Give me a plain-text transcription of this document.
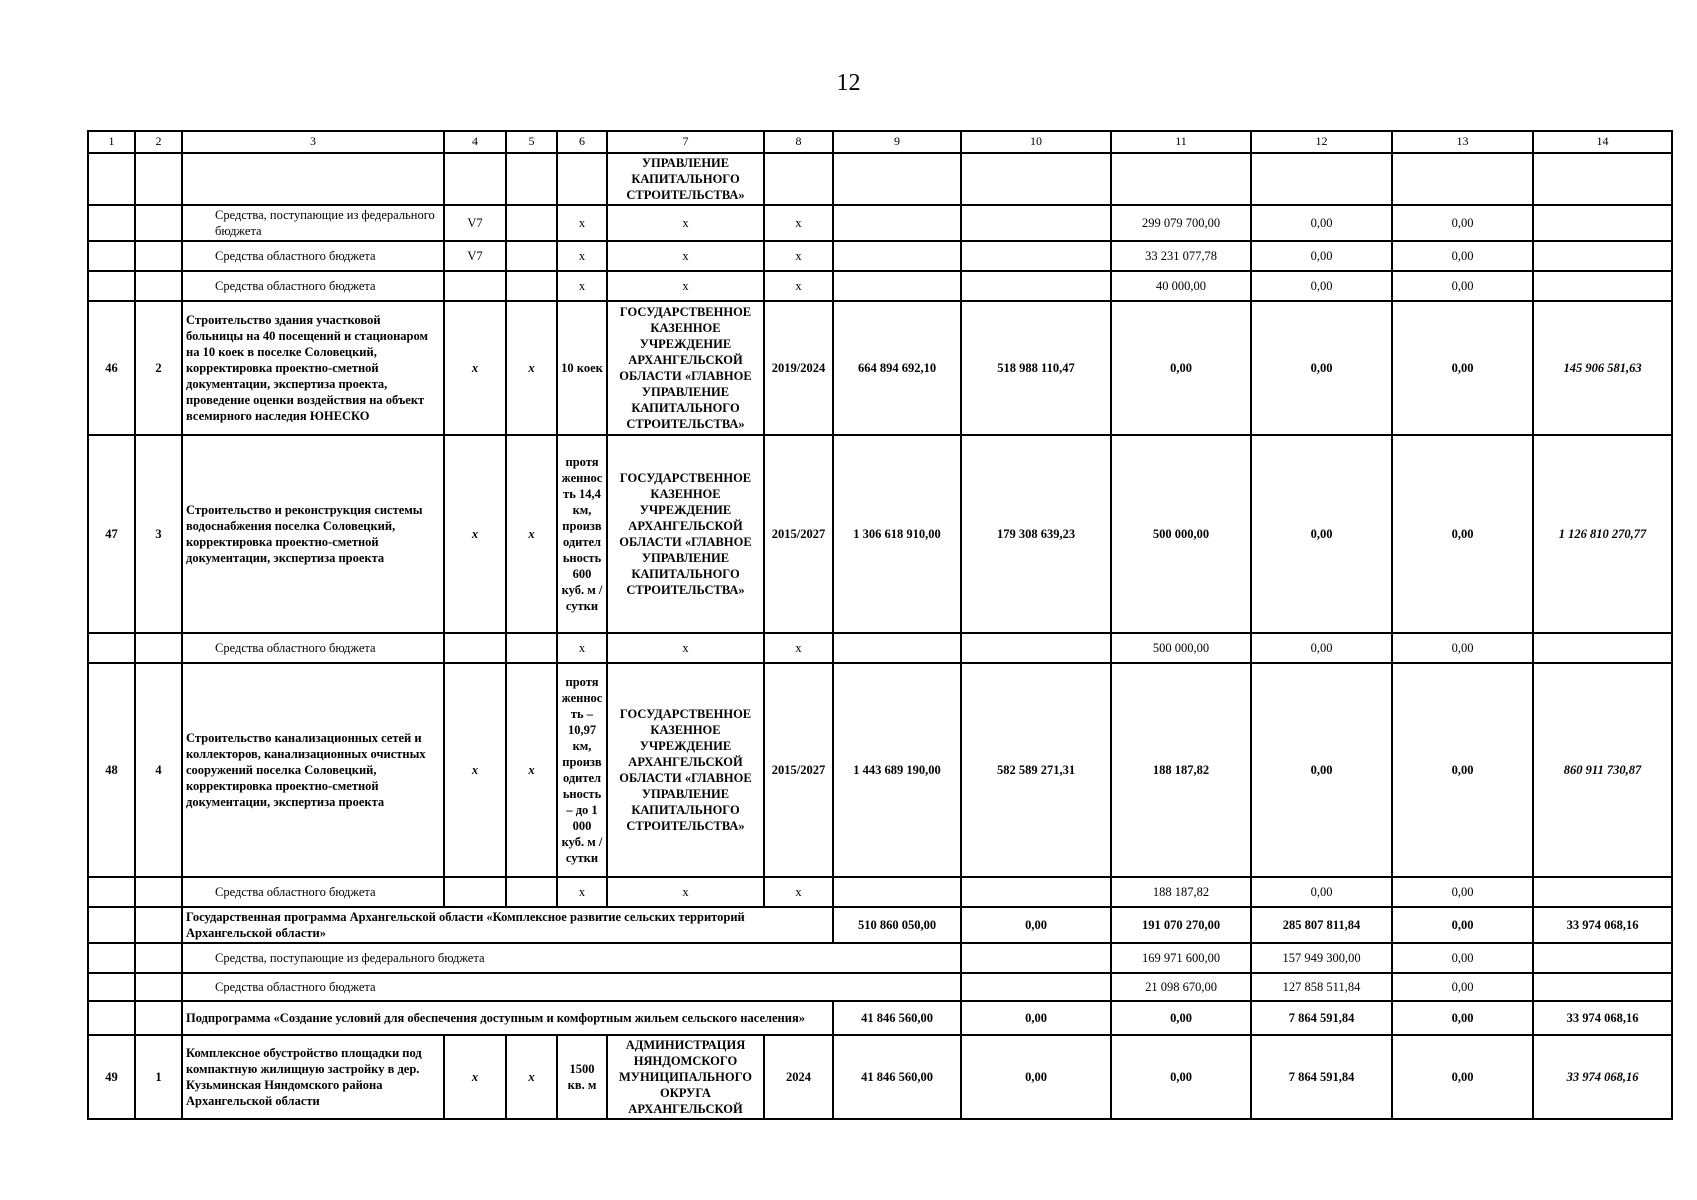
12
1	2	3	4	5	6	7	8	9	10	11	12	13	14
						УПРАВЛЕНИЕ КАПИТАЛЬНОГО СТРОИТЕЛЬСТВА»							
		Средства, поступающие из федерального бюджета	V7		x	x	x			299 079 700,00	0,00	0,00	
		Средства областного бюджета	V7		x	x	x			33 231 077,78	0,00	0,00	
		Средства областного бюджета			x	x	x			40 000,00	0,00	0,00	
46	2	Строительство здания участковой больницы на 40 посещений и стационаром на 10 коек в поселке Соловецкий, корректировка проектно-сметной документации, экспертиза проекта, проведение оценки воздействия на объект всемирного наследия ЮНЕСКО	x	x	10 коек	ГОСУДАРСТВЕННОЕ КАЗЕННОЕ УЧРЕЖДЕНИЕ АРХАНГЕЛЬСКОЙ ОБЛАСТИ «ГЛАВНОЕ УПРАВЛЕНИЕ КАПИТАЛЬНОГО СТРОИТЕЛЬСТВА»	2019/2024	664 894 692,10	518 988 110,47	0,00	0,00	0,00	145 906 581,63
47	3	Строительство и реконструкция системы водоснабжения поселка Соловецкий, корректировка проектно-сметной документации, экспертиза проекта	x	x	протяженность 14,4 км, производительность 600 куб. м / сутки	ГОСУДАРСТВЕННОЕ КАЗЕННОЕ УЧРЕЖДЕНИЕ АРХАНГЕЛЬСКОЙ ОБЛАСТИ «ГЛАВНОЕ УПРАВЛЕНИЕ КАПИТАЛЬНОГО СТРОИТЕЛЬСТВА»	2015/2027	1 306 618 910,00	179 308 639,23	500 000,00	0,00	0,00	1 126 810 270,77
		Средства областного бюджета			x	x	x			500 000,00	0,00	0,00	
48	4	Строительство канализационных сетей и коллекторов, канализационных очистных сооружений поселка Соловецкий, корректировка проектно-сметной документации, экспертиза проекта	x	x	протяженность – 10,97 км, производительность – до 1 000 куб. м / сутки	ГОСУДАРСТВЕННОЕ КАЗЕННОЕ УЧРЕЖДЕНИЕ АРХАНГЕЛЬСКОЙ ОБЛАСТИ «ГЛАВНОЕ УПРАВЛЕНИЕ КАПИТАЛЬНОГО СТРОИТЕЛЬСТВА»	2015/2027	1 443 689 190,00	582 589 271,31	188 187,82	0,00	0,00	860 911 730,87
		Средства областного бюджета			x	x	x			188 187,82	0,00	0,00	
		Государственная программа Архангельской области «Комплексное развитие сельских территорий Архангельской области»						510 860 050,00	0,00	191 070 270,00	285 807 811,84	0,00	33 974 068,16
		Средства, поступающие из федерального бюджета								169 971 600,00	157 949 300,00	0,00	
		Средства областного бюджета								21 098 670,00	127 858 511,84	0,00	
		Подпрограмма «Создание условий для обеспечения доступным и комфортным жильем сельского населения»						41 846 560,00	0,00	0,00	7 864 591,84	0,00	33 974 068,16
49	1	Комплексное обустройство площадки под компактную жилищную застройку в дер. Кузьминская Няндомского района Архангельской области	x	x	1500 кв. м	АДМИНИСТРАЦИЯ НЯНДОМСКОГО МУНИЦИПАЛЬНОГО ОКРУГА АРХАНГЕЛЬСКОЙ	2024	41 846 560,00	0,00	0,00	7 864 591,84	0,00	33 974 068,16
